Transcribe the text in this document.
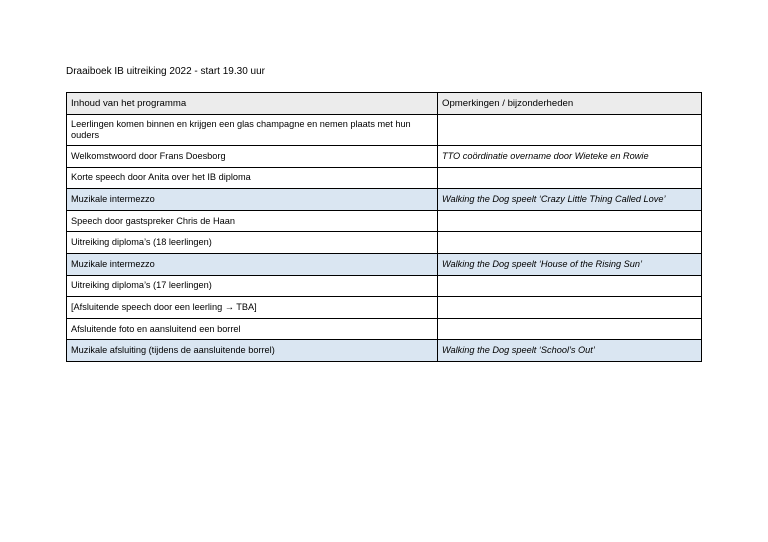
Draaiboek IB uitreiking 2022 - start 19.30 uur
Inhoud van het programma	Opmerkingen / bijzonderheden
Leerlingen komen binnen en krijgen een glas champagne en nemen plaats met hun ouders	
Welkomstwoord door Frans Doesborg	TTO coördinatie overname door Wieteke en Rowie
Korte speech door Anita over het IB diploma	
Muzikale intermezzo	Walking the Dog speelt ‘Crazy Little Thing Called Love’
Speech door gastspreker Chris de Haan	
Uitreiking diploma’s (18 leerlingen)	
Muzikale intermezzo	Walking the Dog speelt ‘House of the Rising Sun’
Uitreiking diploma’s (17 leerlingen)	
[Afsluitende speech door een leerling → TBA]	
Afsluitende foto en aansluitend een borrel	
Muzikale afsluiting (tijdens de aansluitende borrel)	Walking the Dog speelt ‘School’s Out’
